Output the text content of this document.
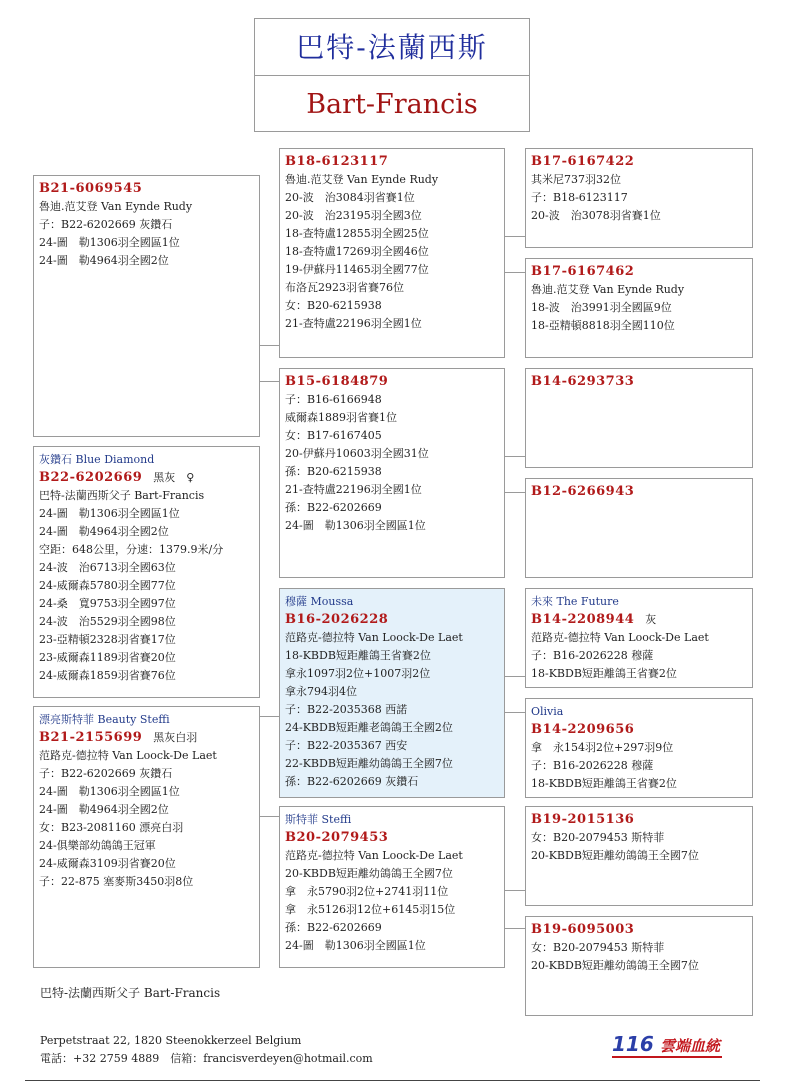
巴特-法蘭西斯
Bart-Francis
B21-6069545
魯迪.范艾登 Van Eynde Rudy
子：B22-6202669 灰鑽石
24-圖　勒1306羽全國區1位
24-圖　勒4964羽全國2位
灰鑽石 Blue Diamond
B22-6202669　黑灰　♀
巴特-法蘭西斯父子 Bart-Francis
24-圖　勒1306羽全國區1位
24-圖　勒4964羽全國2位
空距：648公里，分速：1379.9米/分
24-波　治6713羽全國63位
24-威爾森5780羽全國77位
24-桑　寬9753羽全國97位
24-波　治5529羽全國98位
23-亞精頓2328羽省賽17位
23-威爾森1189羽省賽20位
24-威爾森1859羽省賽76位
漂亮斯特菲 Beauty Steffi
B21-2155699　黑灰白羽
范路克-德拉特 Van Loock-De Laet
子：B22-6202669 灰鑽石
24-圖　勒1306羽全國區1位
24-圖　勒4964羽全國2位
女：B23-2081160 漂亮白羽
24-俱樂部幼鴿鴿王冠軍
24-威爾森3109羽省賽20位
子：22-875 塞麥斯3450羽8位
B18-6123117
魯迪.范艾登 Van Eynde Rudy
20-波　治3084羽省賽1位
20-波　治23195羽全國3位
18-查特盧12855羽全國25位
18-查特盧17269羽全國46位
19-伊蘇丹11465羽全國77位
布洛瓦2923羽省賽76位
女：B20-6215938
21-查特盧22196羽全國1位
B15-6184879
子：B16-6166948
威爾森1889羽省賽1位
女：B17-6167405
20-伊蘇丹10603羽全國31位
孫：B20-6215938
21-查特盧22196羽全國1位
孫：B22-6202669
24-圖　勒1306羽全國區1位
穆薩 Moussa
B16-2026228
范路克-德拉特 Van Loock-De Laet
18-KBDB短距離鴿王省賽2位
拿永1097羽2位+1007羽2位
拿永794羽4位
子：B22-2035368 西諾
24-KBDB短距離老鴿鴿王全國2位
子：B22-2035367 西安
22-KBDB短距離幼鴿鴿王全國7位
孫：B22-6202669 灰鑽石
斯特菲 Steffi
B20-2079453
范路克-德拉特 Van Loock-De Laet
20-KBDB短距離幼鴿鴿王全國7位
拿　永5790羽2位+2741羽11位
拿　永5126羽12位+6145羽15位
孫：B22-6202669
24-圖　勒1306羽全國區1位
B17-6167422
其米尼737羽32位
子：B18-6123117
20-波　治3078羽省賽1位
B17-6167462
魯迪.范艾登 Van Eynde Rudy
18-波　治3991羽全國區9位
18-亞精頓8818羽全國110位
B14-6293733
B12-6266943
未來 The Future
B14-2208944　灰
范路克-德拉特 Van Loock-De Laet
子：B16-2026228 穆薩
18-KBDB短距離鴿王省賽2位
Olivia
B14-2209656
拿　永154羽2位+297羽9位
子：B16-2026228 穆薩
18-KBDB短距離鴿王省賽2位
B19-2015136
女：B20-2079453 斯特菲
20-KBDB短距離幼鴿鴿王全國7位
B19-6095003
女：B20-2079453 斯特菲
20-KBDB短距離幼鴿鴿王全國7位
巴特-法蘭西斯父子 Bart-Francis
Perpetstraat 22, 1820 Steenokkerzeel Belgium
電話：+32 2759 4889　信箱：francisverdeyen@hotmail.com
116 雲端血統
